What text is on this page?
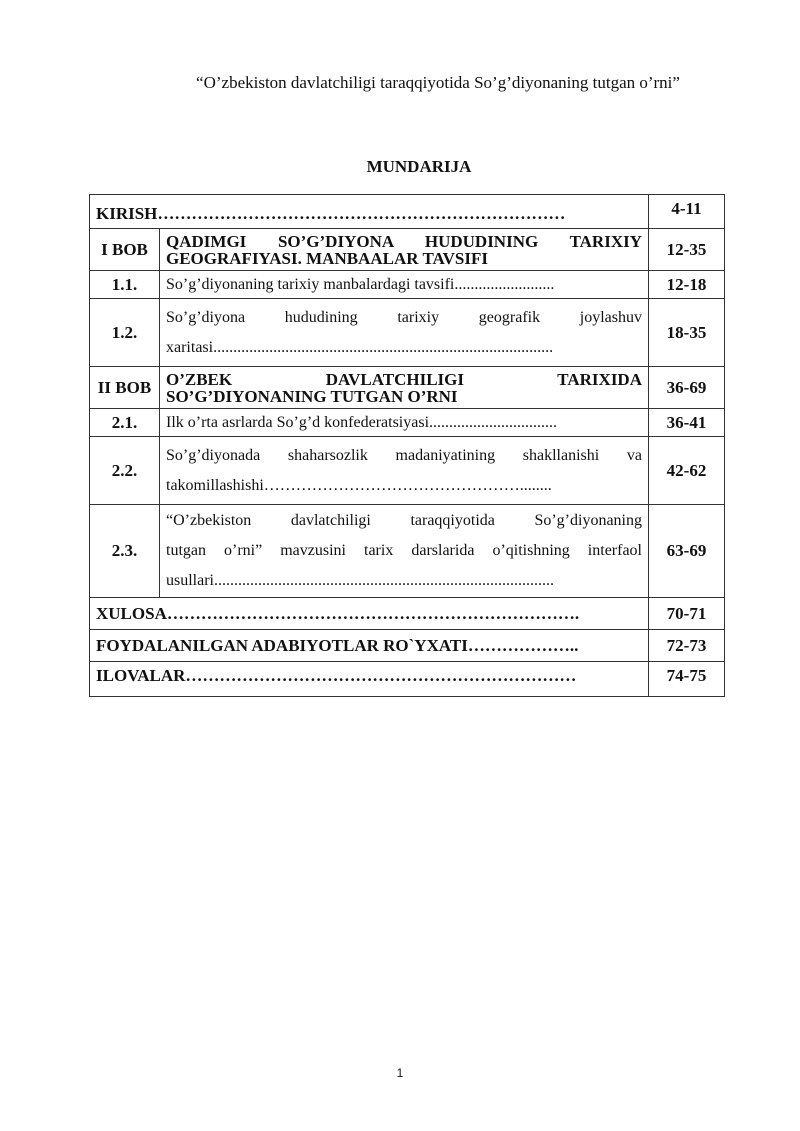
“O’zbekiston davlatchiligi taraqqiyotida So’g’diyonaning tutgan o’rni”
MUNDARIJA
KIRISH………………………………………………………………		4-11
I BOB	QADIMGI SO’G’DIYONA HUDUDINING TARIXIY
GEOGRAFIYASI. MANBAALAR TAVSIFI	12-35
1.1.	So’g’diyonaning tarixiy manbalardagi tavsifi.........................	12-18
1.2.	So’g’diyona hududining tarixiy geografik joylashuv
xaritasi.....................................................................................	18-35
II BOB	O’ZBEK DAVLATCHILIGI TARIXIDA
SO’G’DIYONANING TUTGAN O’RNI	36-69
2.1.	Ilk o’rta asrlarda So’g’d konfederatsiyasi................................	36-41
2.2.	So’g’diyonada shaharsozlik madaniyatining shakllanishi va
takomillashishi…………………………………………........	42-62
2.3.	“O’zbekiston davlatchiligi taraqqiyotida So’g’diyonaning
tutgan o’rni” mavzusini tarix darslarida o’qitishning interfaol
usullari.....................................................................................	63-69
XULOSA……………………………………………………………….		70-71
FOYDALANILGAN ADABIYOTLAR RO`YXATI………………..		72-73
ILOVALAR……………………………………………………………		74-75
1
